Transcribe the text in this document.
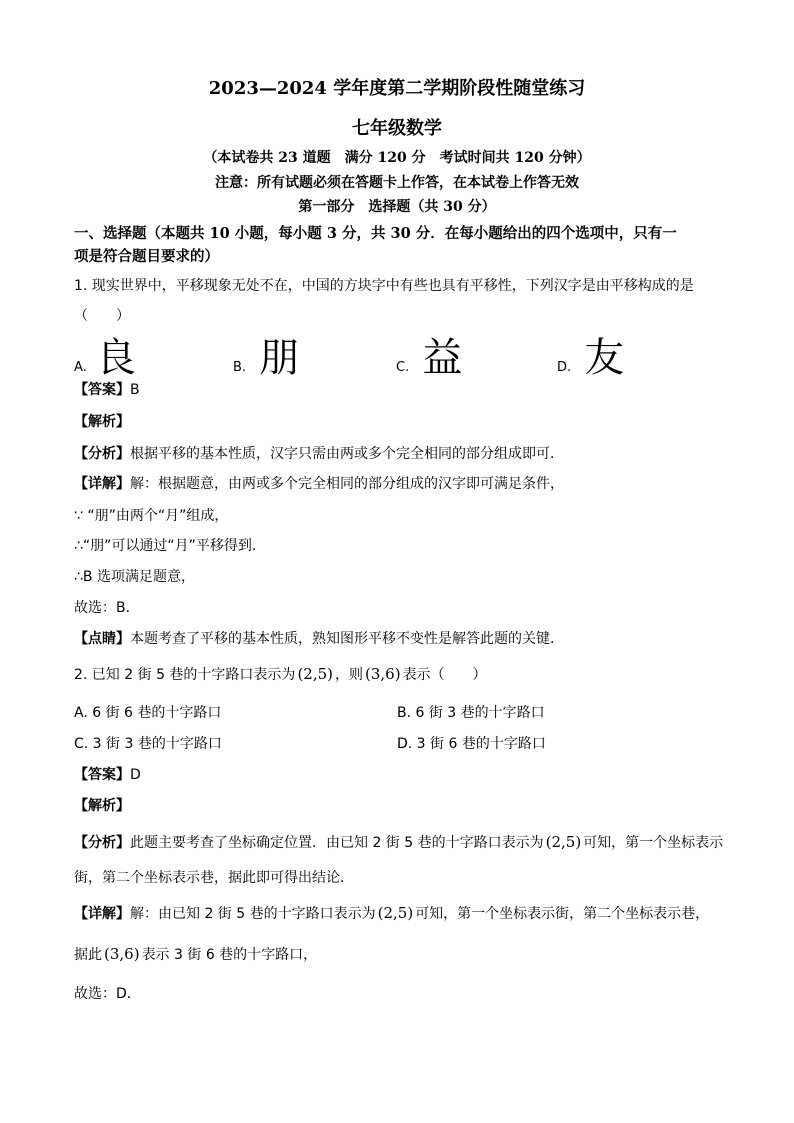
2023—2024 学年度第二学期阶段性随堂练习
七年级数学
（本试卷共 23 道题　满分 120 分　考试时间共 120 分钟）
注意：所有试题必须在答题卡上作答，在本试卷上作答无效
第一部分　选择题（共 30 分）
一、选择题（本题共 10 小题，每小题 3 分，共 30 分．在每小题给出的四个选项中，只有一
项是符合题目要求的）
1. 现实世界中，平移现象无处不在，中国的方块字中有些也具有平移性，下列汉字是由平移构成的是
（　　）
A. 良	B. 朋	C. 益	D. 友
【答案】B
【解析】
【分析】根据平移的基本性质，汉字只需由两或多个完全相同的部分组成即可．
【详解】解：根据题意，由两或多个完全相同的部分组成的汉字即可满足条件，
∵ “朋”由两个“月”组成，
∴“朋”可以通过“月”平移得到.
∴B 选项满足题意，
故选：B．
【点睛】本题考查了平移的基本性质，熟知图形平移不变性是解答此题的关键．
2. 已知 2 街 5 巷的十字路口表示为 (2,5) ，则 (3,6) 表示（　　）
A. 6 街 6 巷的十字路口	B. 6 街 3 巷的十字路口
C. 3 街 3 巷的十字路口	D. 3 街 6 巷的十字路口
【答案】D
【解析】
【分析】此题主要考查了坐标确定位置．由已知 2 街 5 巷的十字路口表示为 (2,5) 可知，第一个坐标表示
街，第二个坐标表示巷，据此即可得出结论．
【详解】解：由已知 2 街 5 巷的十字路口表示为 (2,5) 可知，第一个坐标表示街，第二个坐标表示巷，
据此 (3,6) 表示 3 街 6 巷的十字路口，
故选：D．
